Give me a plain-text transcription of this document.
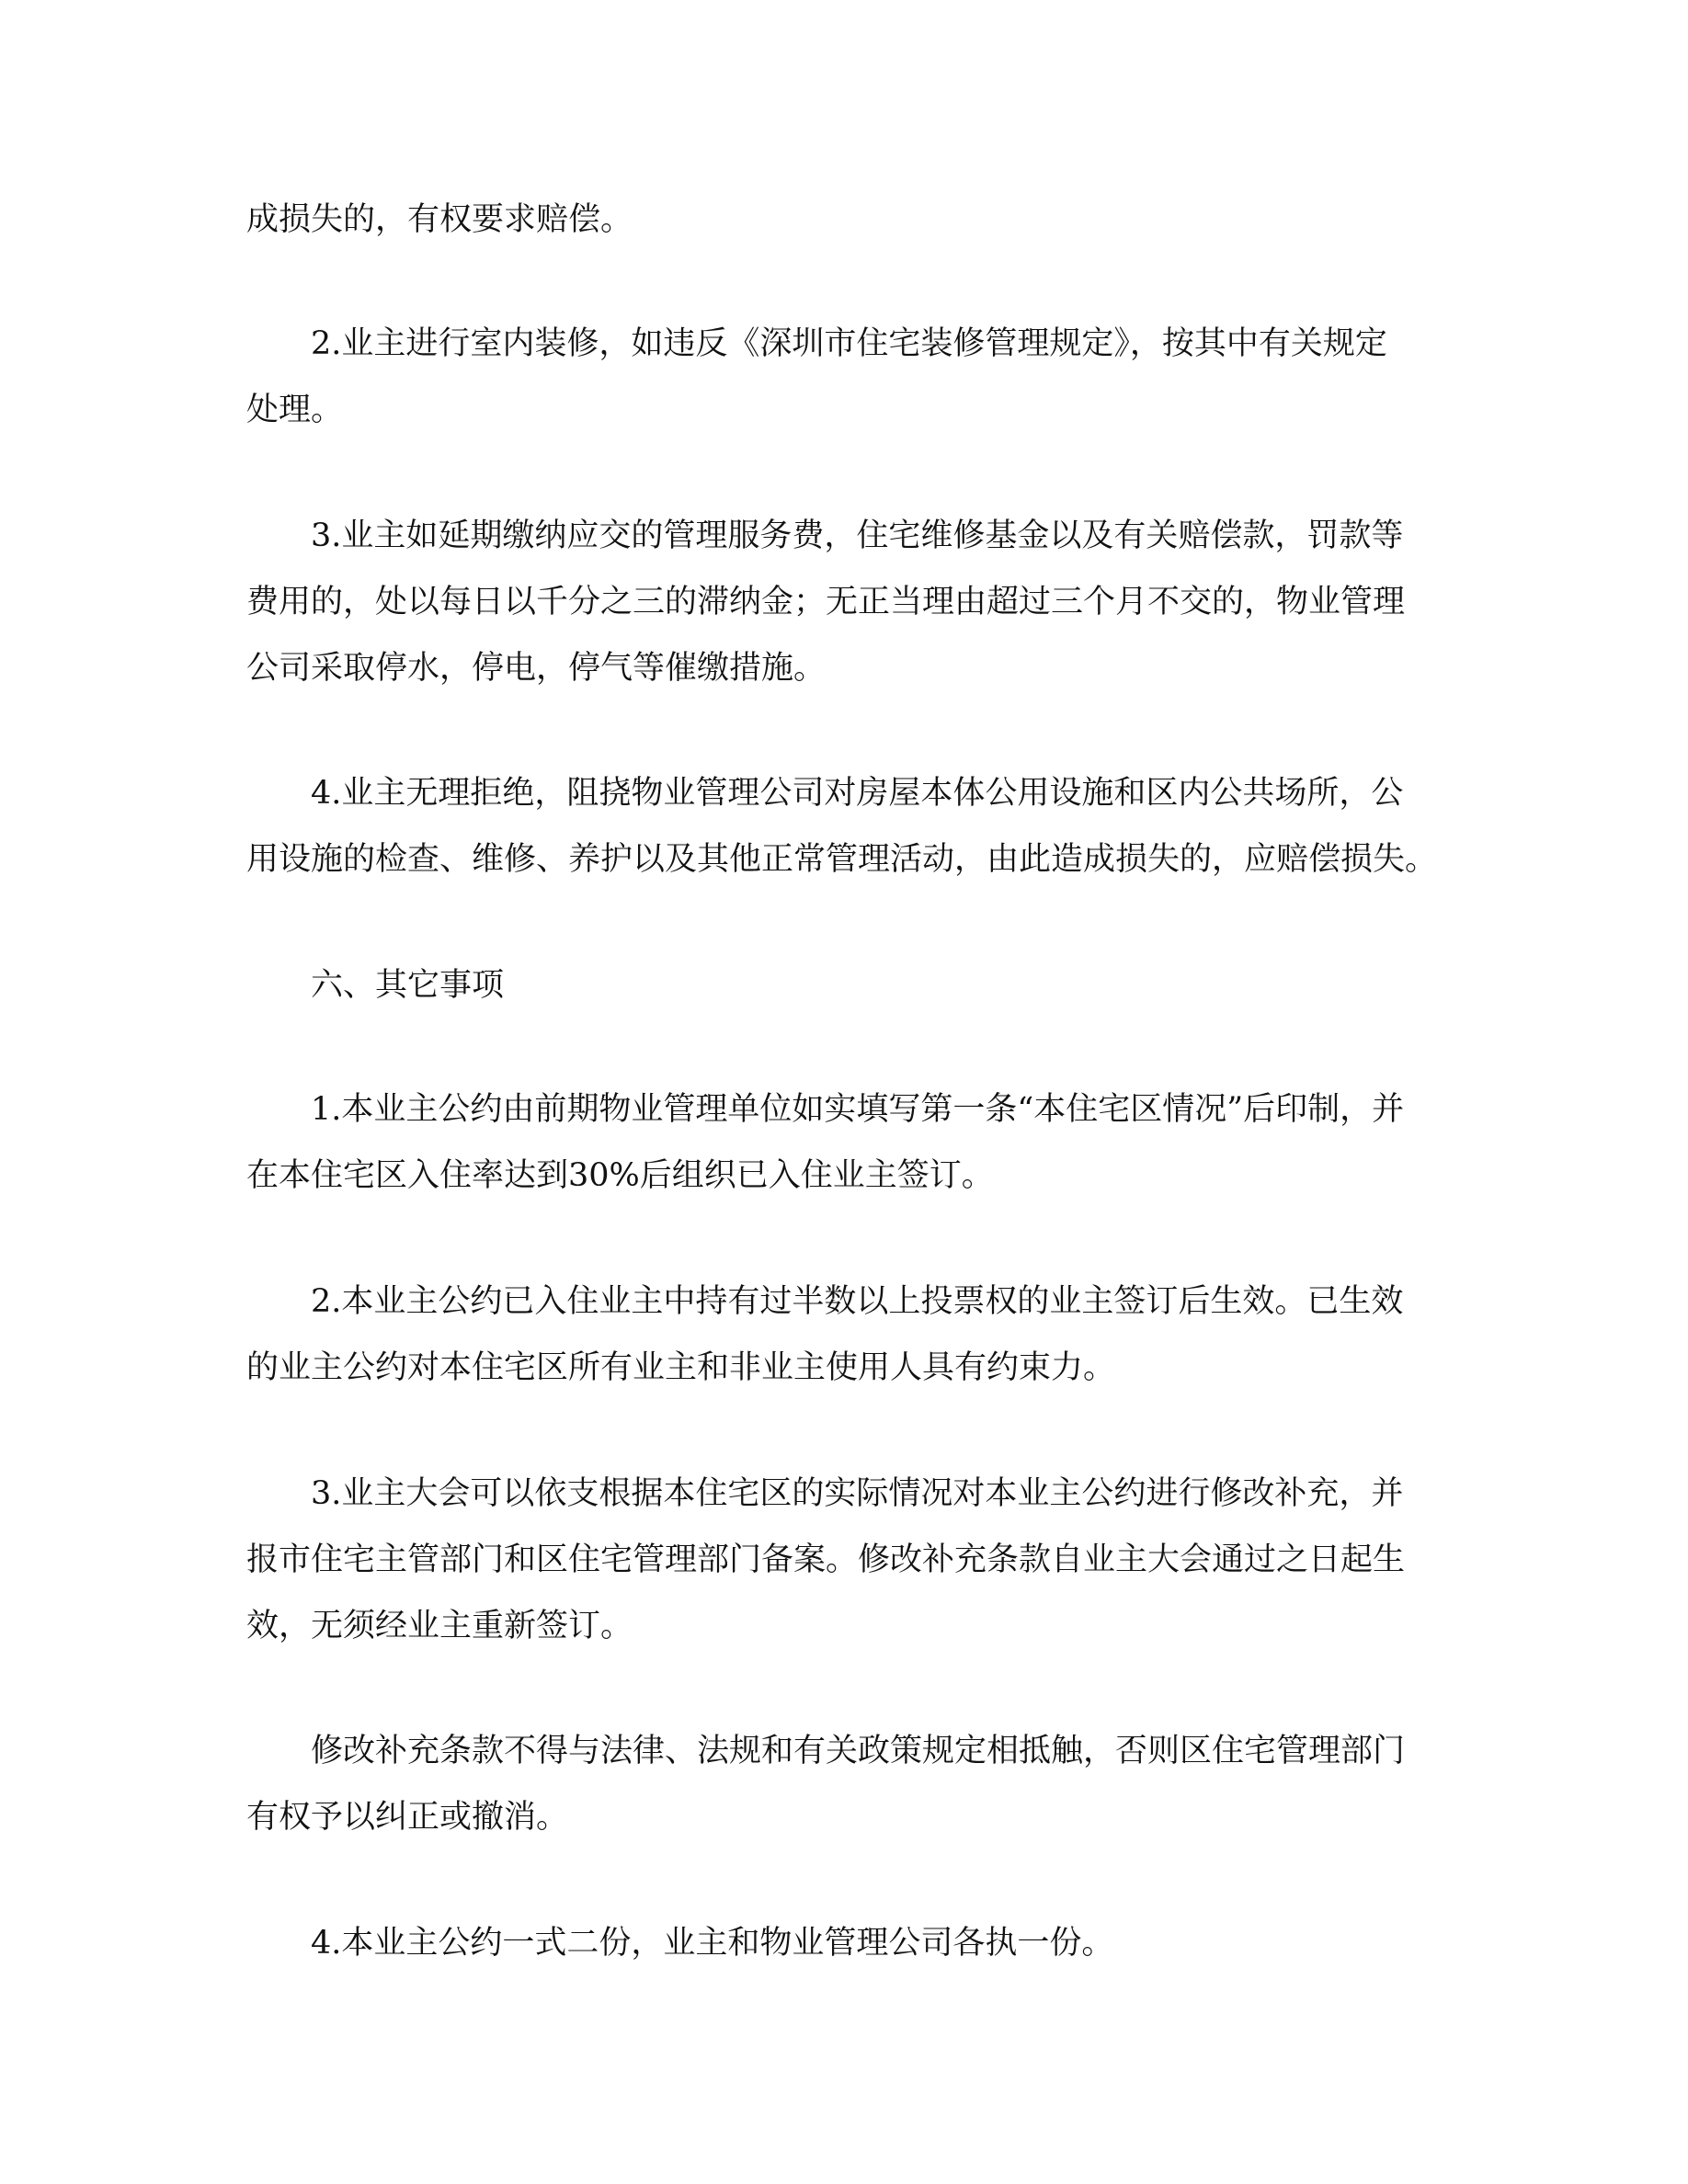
成损失的，有权要求赔偿。

　　2.业主进行室内装修，如违反《深圳市住宅装修管理规定》，按其中有关规定
处理。

　　3.业主如延期缴纳应交的管理服务费，住宅维修基金以及有关赔偿款，罚款等
费用的，处以每日以千分之三的滞纳金；无正当理由超过三个月不交的，物业管理
公司采取停水，停电，停气等催缴措施。

　　4.业主无理拒绝，阻挠物业管理公司对房屋本体公用设施和区内公共场所，公
用设施的检查、维修、养护以及其他正常管理活动，由此造成损失的，应赔偿损失。

　　六、其它事项

　　1.本业主公约由前期物业管理单位如实填写第一条“本住宅区情况”后印制，并
在本住宅区入住率达到30%后组织已入住业主签订。

　　2.本业主公约已入住业主中持有过半数以上投票权的业主签订后生效。已生效
的业主公约对本住宅区所有业主和非业主使用人具有约束力。

　　3.业主大会可以依支根据本住宅区的实际情况对本业主公约进行修改补充，并
报市住宅主管部门和区住宅管理部门备案。修改补充条款自业主大会通过之日起生
效，无须经业主重新签订。

　　修改补充条款不得与法律、法规和有关政策规定相抵触，否则区住宅管理部门
有权予以纠正或撤消。

　　4.本业主公约一式二份，业主和物业管理公司各执一份。
